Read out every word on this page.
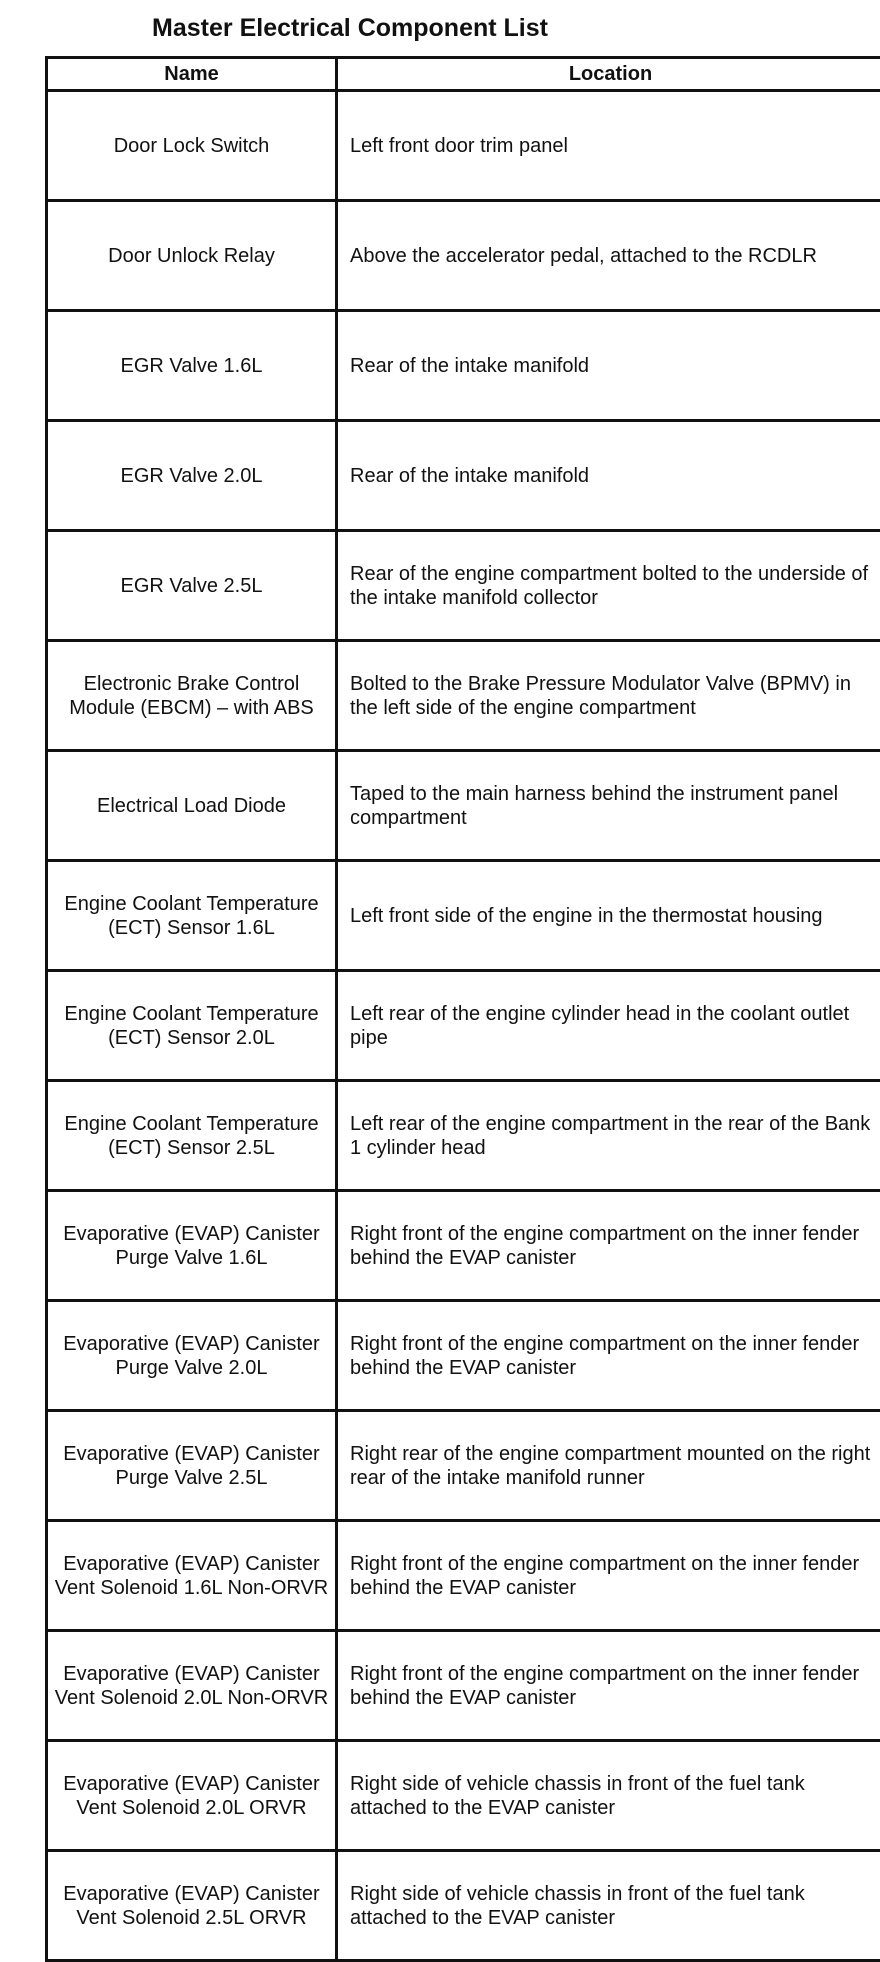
Master Electrical Component List
Name	Location
Door Lock Switch	Left front door trim panel
Door Unlock Relay	Above the accelerator pedal, attached to the RCDLR
EGR Valve 1.6L	Rear of the intake manifold
EGR Valve 2.0L	Rear of the intake manifold
EGR Valve 2.5L	Rear of the engine compartment bolted to the underside of the intake manifold collector
Electronic Brake Control Module (EBCM) – with ABS	Bolted to the Brake Pressure Modulator Valve (BPMV) in the left side of the engine compartment
Electrical Load Diode	Taped to the main harness behind the instrument panel compartment
Engine Coolant Temperature (ECT) Sensor 1.6L	Left front side of the engine in the thermostat housing
Engine Coolant Temperature (ECT) Sensor 2.0L	Left rear of the engine cylinder head in the coolant outlet pipe
Engine Coolant Temperature (ECT) Sensor 2.5L	Left rear of the engine compartment in the rear of the Bank 1 cylinder head
Evaporative (EVAP) Canister Purge Valve 1.6L	Right front of the engine compartment on the inner fender behind the EVAP canister
Evaporative (EVAP) Canister Purge Valve 2.0L	Right front of the engine compartment on the inner fender behind the EVAP canister
Evaporative (EVAP) Canister Purge Valve 2.5L	Right rear of the engine compartment mounted on the right rear of the intake manifold runner
Evaporative (EVAP) Canister Vent Solenoid 1.6L Non-ORVR	Right front of the engine compartment on the inner fender behind the EVAP canister
Evaporative (EVAP) Canister Vent Solenoid 2.0L Non-ORVR	Right front of the engine compartment on the inner fender behind the EVAP canister
Evaporative (EVAP) Canister Vent Solenoid 2.0L ORVR	Right side of vehicle chassis in front of the fuel tank attached to the EVAP canister
Evaporative (EVAP) Canister Vent Solenoid 2.5L ORVR	Right side of vehicle chassis in front of the fuel tank attached to the EVAP canister
